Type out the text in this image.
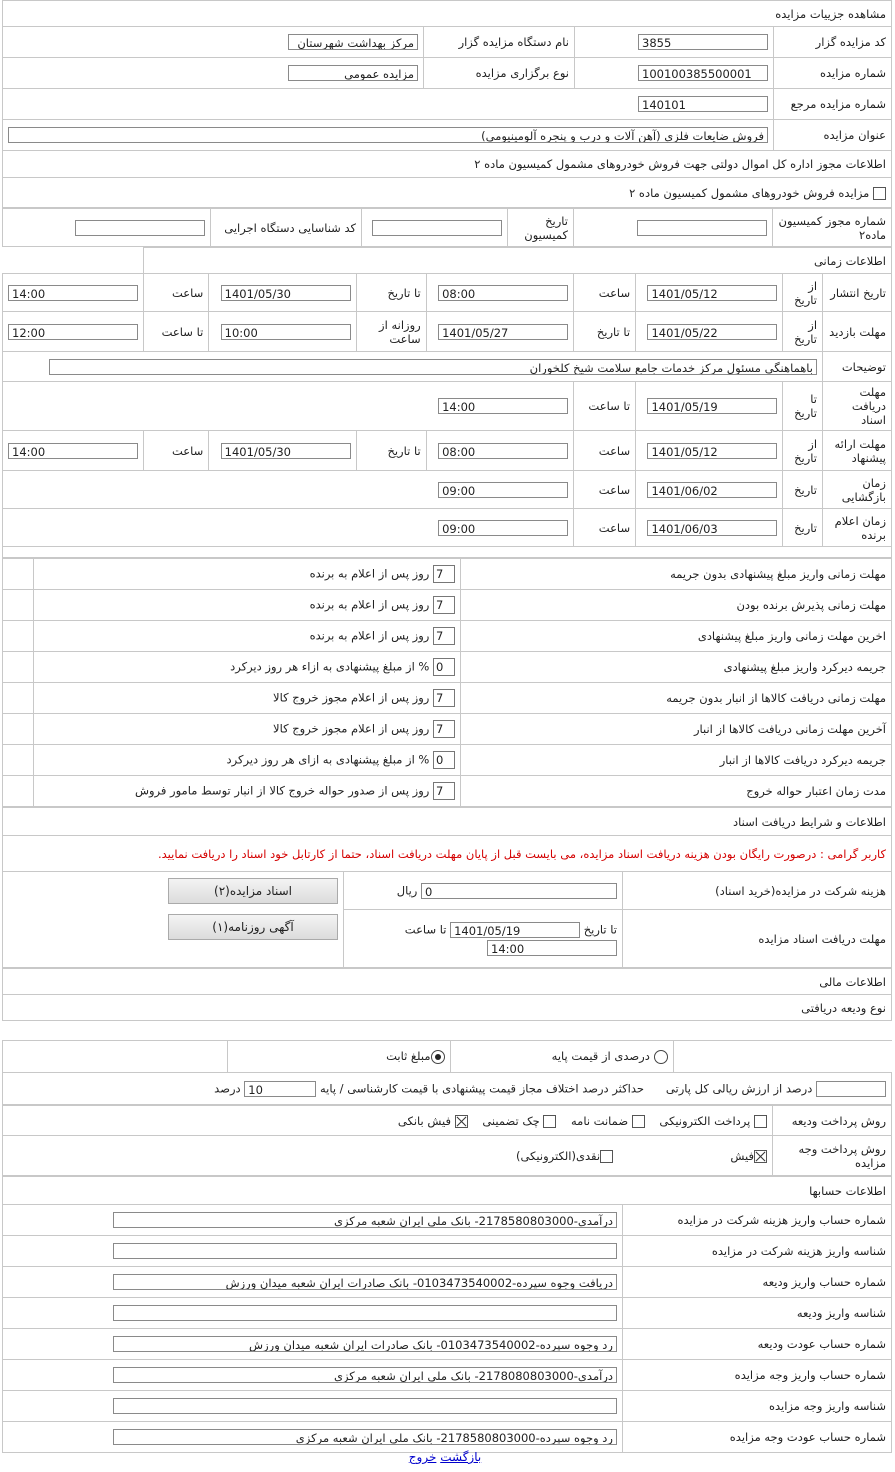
مشاهده جزییات مزایده			
کد مزایده گزار	3855	نام دستگاه مزایده گزار	مرکز بهداشت شهرستان
شماره مزایده	100100385500001	نوع برگزاری مزایده	مزایده عمومی
شماره مزایده مرجع	140101		
عنوان مزایده	فروش ضایعات فلزی (آهن آلات و درب و پنجره آلومینیومی)		
اطلاعات مجوز اداره کل اموال دولتی جهت فروش خودروهای مشمول کمیسیون ماده ۲			
مزایده فروش خودروهای مشمول کمیسیون ماده ۲			
شماره مجوز کمیسیون ماده۲		تاریخ کمیسیون		کد شناسایی دستگاه اجرایی	
اطلاعات زمانی								
تاریخ انتشار	از تاریخ	1401/05/12	ساعت	08:00	تا تاریخ	1401/05/30	ساعت	14:00
مهلت بازدید	از تاریخ	1401/05/22	تا تاریخ	1401/05/27	روزانه از ساعت	10:00	تا ساعت	12:00
توضیحات	باهماهنگی مسئول مرکز خدمات جامع سلامت شیخ کلخوران							
مهلت دریافت اسناد	تا تاریخ	1401/05/19	تا ساعت	14:00				
مهلت ارائه پیشنهاد	از تاریخ	1401/05/12	ساعت	08:00	تا تاریخ	1401/05/30	ساعت	14:00
زمان بازگشایی	تاریخ	1401/06/02	ساعت	09:00				
زمان اعلام برنده	تاریخ	1401/06/03	ساعت	09:00				

مهلت زمانی واریز مبلغ پیشنهادی بدون جریمه	7 روز پس از اعلام به برنده	
مهلت زمانی پذیرش برنده بودن	7 روز پس از اعلام به برنده	
اخرین مهلت زمانی واریز مبلغ پیشنهادی	7 روز پس از اعلام به برنده	
جریمه دیرکرد واریز مبلغ پیشنهادی	0 % از مبلغ پیشنهادی به ازاء هر روز دیرکرد	
مهلت زمانی دریافت کالاها از انبار بدون جریمه	7 روز پس از اعلام مجوز خروج کالا	
آخرین مهلت زمانی دریافت کالاها از انبار	7 روز پس از اعلام مجوز خروج کالا	
جریمه دیرکرد دریافت کالاها از انبار	0 % از مبلغ پیشنهادی به ازای هر روز دیرکرد	
مدت زمان اعتبار حواله خروج	7 روز پس از صدور حواله خروج کالا از انبار توسط مامور فروش	
اطلاعات و شرایط دریافت اسناد		
کاربر گرامی : درصورت رایگان بودن هزینه دریافت اسناد مزایده، می بایست قبل از پایان مهلت دریافت اسناد، حتما از کارتابل خود اسناد را دریافت نمایید.		
هزینه شرکت در مزایده(خرید اسناد)	0 ریال	اسناد مزایده(۲)
آگهی روزنامه(۱)
مهلت دریافت اسناد مزایده	تا تاریخ 1401/05/19 تا ساعت
14:00	
اطلاعات مالی
نوع ودیعه دریافتی

	درصدی از قیمت پایه	مبلغ ثابت	
درصد از ارزش ریالی کل پارتی      حداکثر درصد اختلاف مجاز قیمت پیشنهادی با قیمت کارشناسی / پایه 10 درصد
روش پرداخت ودیعه	پرداخت الکترونیکی     ضمانت نامه     چک تضمینی     فیش بانکی
روش پرداخت وجه مزایده	فیش  نقدی(الکترونیکی)
اطلاعات حسابها	
شماره حساب واریز هزینه شرکت در مزایده	درآمدی-2178580803000- بانک ملی ایران شعبه مرکزی
شناسه واریز هزینه شرکت در مزایده	
شماره حساب واریز ودیعه	دریافت وجوه سپرده-0103473540002- بانک صادرات ایران شعبه میدان ورزش
شناسه واریز ودیعه	
شماره حساب عودت ودیعه	رد وجوه سپرده-0103473540002- بانک صادرات ایران شعبه میدان ورزش
شماره حساب واریز وجه مزایده	درآمدی-2178080803000- بانک ملی ایران شعبه مرکزی
شناسه واریز وجه مزایده	
شماره حساب عودت وجه مزایده	رد وجوه سپرده-2178580803000- بانک ملی ایران شعبه مرکزی
بازگشت خروج
